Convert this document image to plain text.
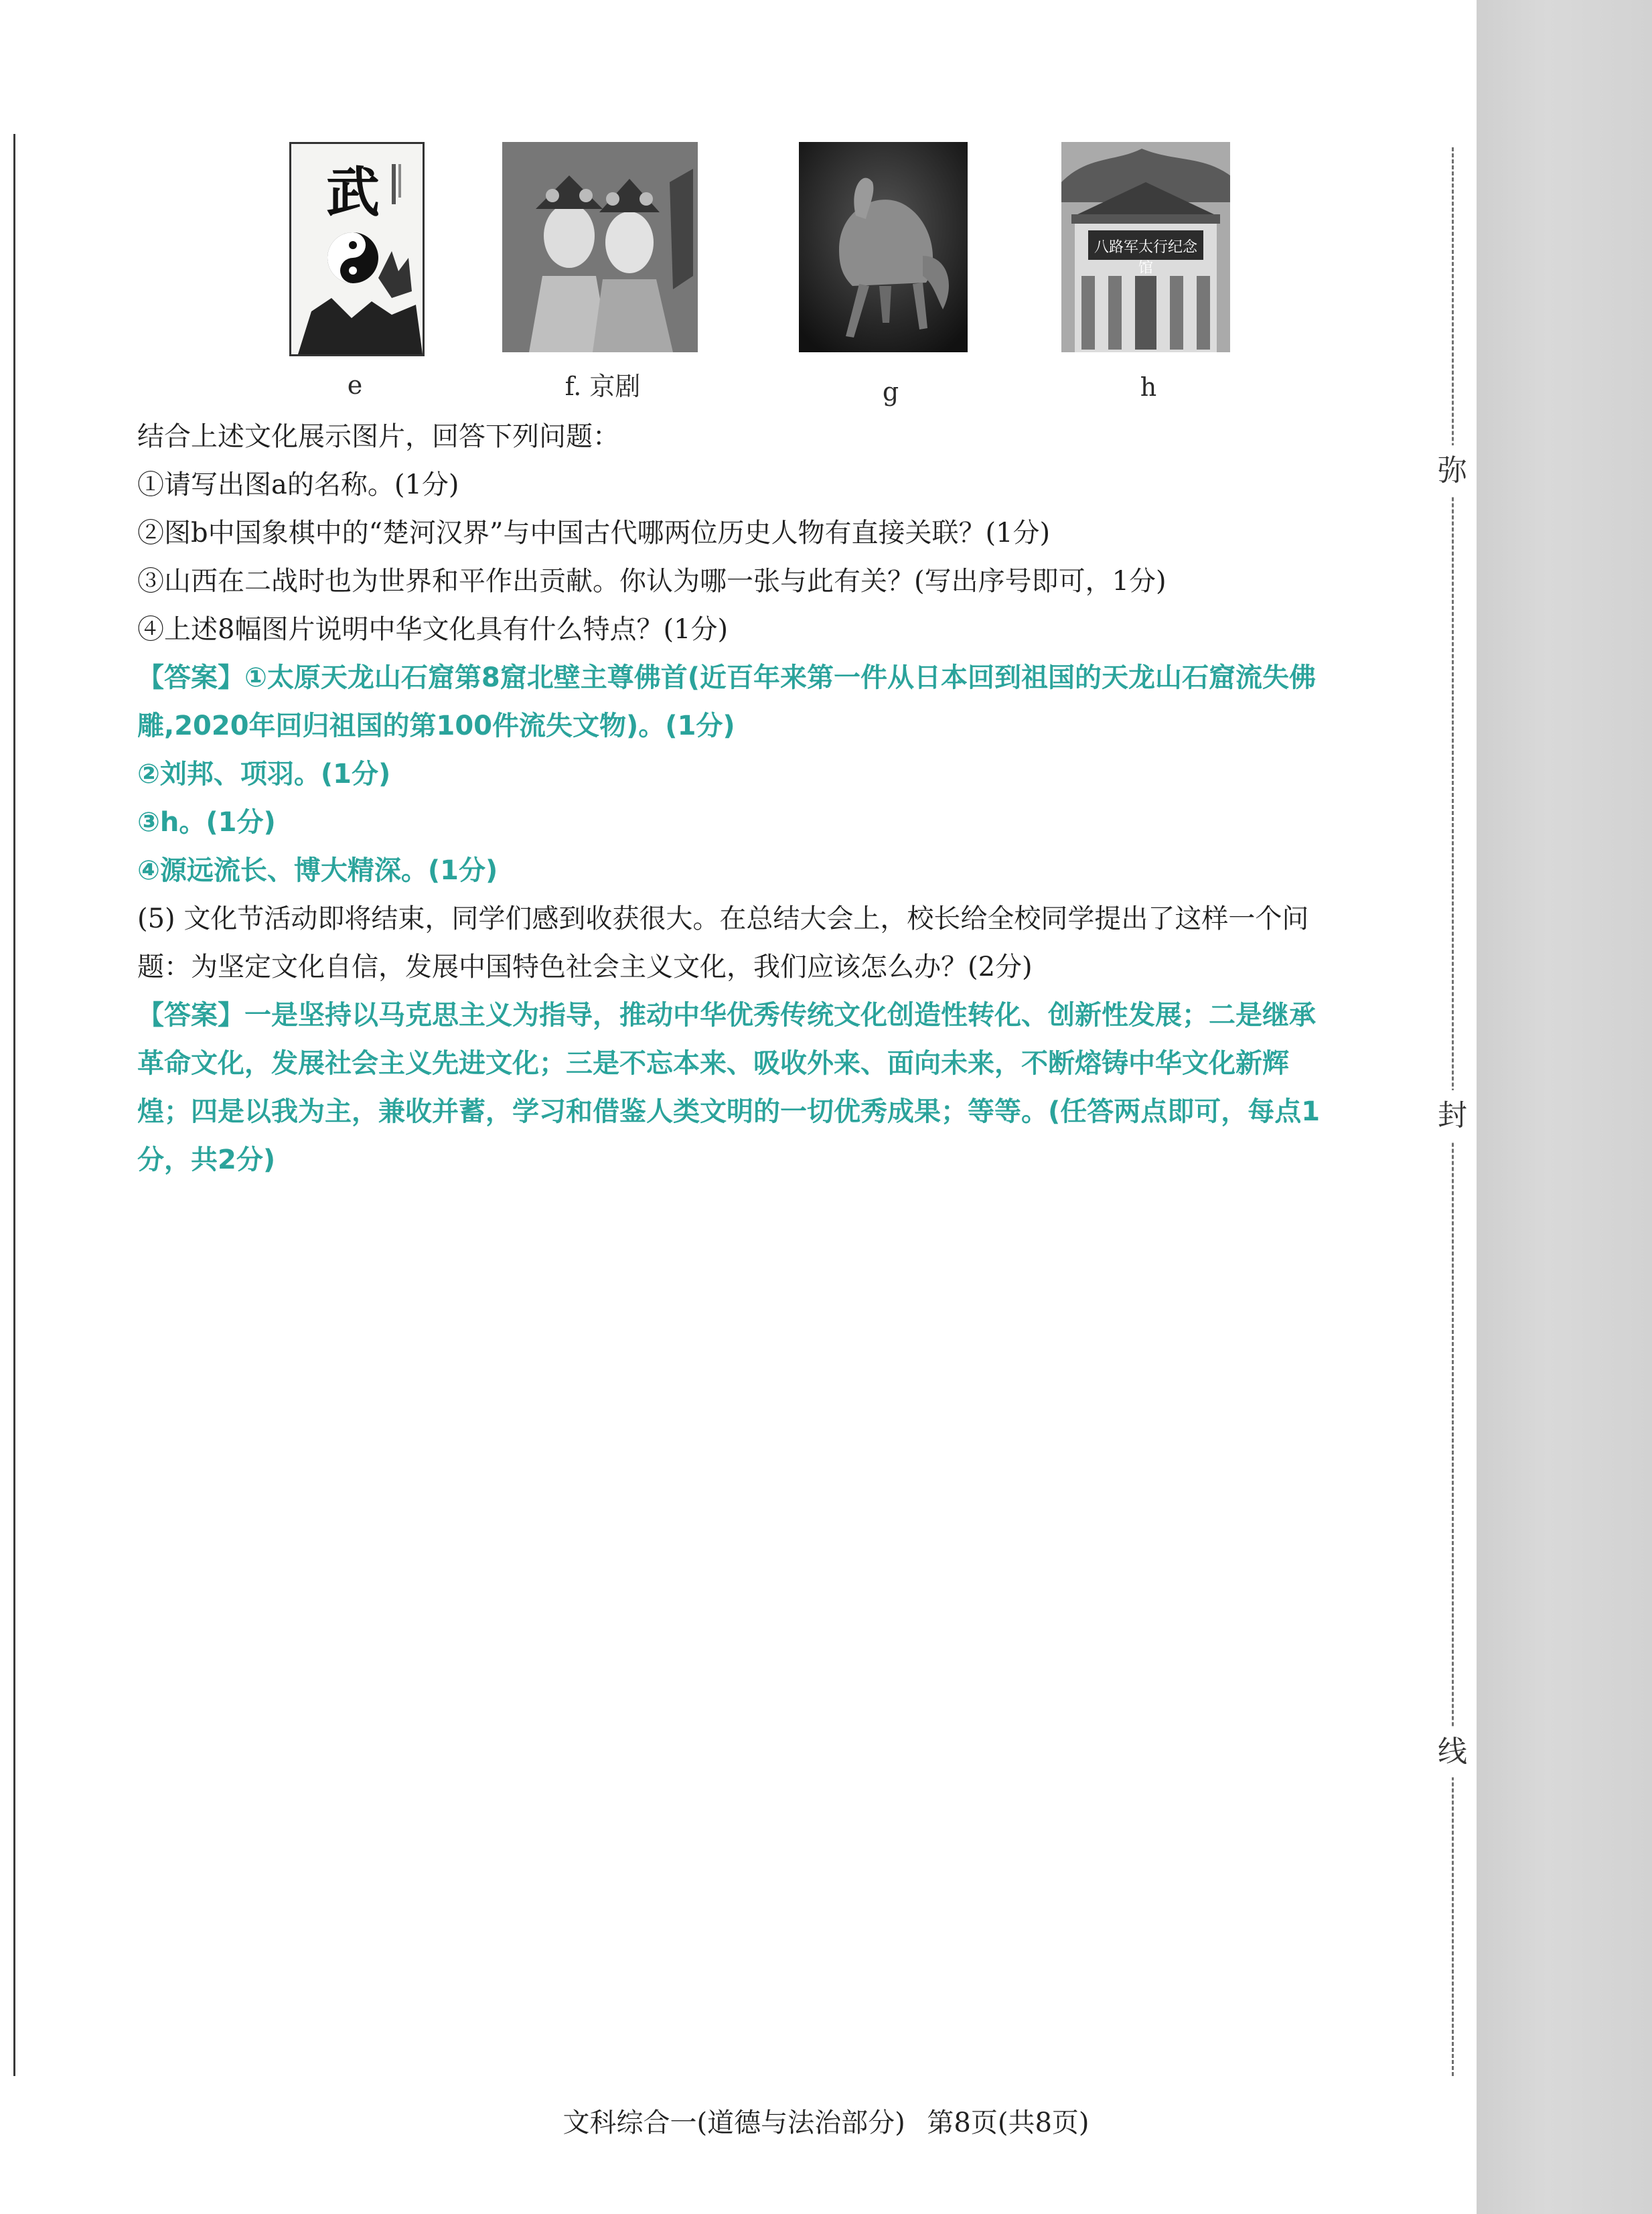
弥
封
线
武
e	f. 京剧	g
八路军太行纪念馆
h
结合上述文化展示图片，回答下列问题：
①请写出图a的名称。(1分)
②图b中国象棋中的“楚河汉界”与中国古代哪两位历史人物有直接关联？(1分)
③山西在二战时也为世界和平作出贡献。你认为哪一张与此有关？(写出序号即可，1分)
④上述8幅图片说明中华文化具有什么特点？(1分)
【答案】①太原天龙山石窟第8窟北壁主尊佛首(近百年来第一件从日本回到祖国的天龙山石窟流失佛
雕,2020年回归祖国的第100件流失文物)。(1分)
②刘邦、项羽。(1分)
③h。(1分)
④源远流长、博大精深。(1分)
(5) 文化节活动即将结束，同学们感到收获很大。在总结大会上，校长给全校同学提出了这样一个问
题：为坚定文化自信，发展中国特色社会主义文化，我们应该怎么办？(2分)
【答案】一是坚持以马克思主义为指导，推动中华优秀传统文化创造性转化、创新性发展；二是继承
革命文化，发展社会主义先进文化；三是不忘本来、吸收外来、面向未来，不断熔铸中华文化新辉
煌；四是以我为主，兼收并蓄，学习和借鉴人类文明的一切优秀成果；等等。(任答两点即可，每点1
分，共2分)
文科综合一(道德与法治部分) 第8页(共8页)
